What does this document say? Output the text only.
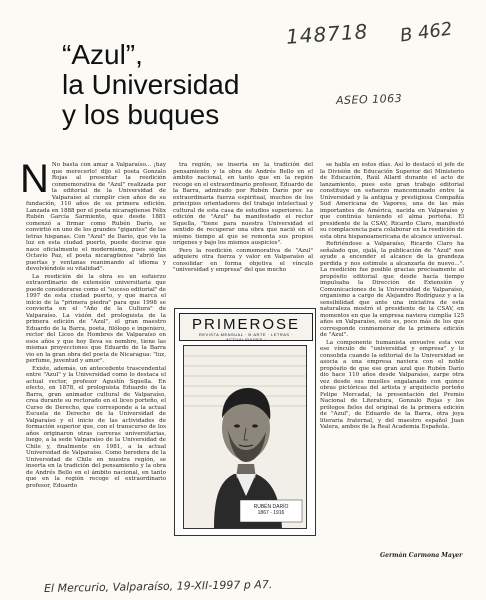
148718 B 462
ASEO 1063
“Azul”,
la Universidad
y los buques

N No basta con amar a Valparaíso... ¡hay que merecerlo! dijo el poeta Gonzalo Rojas al presentar la reedición conmemorativa de "Azul" realizada por la editorial de la Universidad de Valparaíso al cumplir cien años de su fundación, 110 años de su primera edición. Lanzada en 1888 por el poeta nicaragüense Félix Rubén García Sarmiento, que desde 1881 comenzó a firmar como Rubén Darío, se convirtió en uno de los grandes "gigantes" de las letras hispanas. Con "Azul" de Darío, que vio la luz en esta ciudad puerto, puede decirse que nace oficialmente el modernismo, pues según Octavio Paz, el poeta nicaragüense "abrió las puertas y ventanas reanimando al idioma y devolviéndole su vitalidad".

La reedición de la obra es un esfuerzo extraordinario de extensión universitaria que puede considerarse como el "suceso editorial" de 1997 de esta ciudad puerto, y que marca el inicio de la "primera piedra" para que 1998 se convierta en el "Año de la Cultura" de Valparaíso. La visión del prologuista de la primera edición de "Azul", el gran maestro Eduardo de la Barra, poeta, filólogo e ingeniero, rector del Liceo de Hombres de Valparaíso en esos años y que hoy lleva su nombre, tiene las mismas proyecciones que Eduardo de la Barra vio en la gran obra del poeta de Nicaragua: "luz, perfume, juventud y amor".

Existe, además, un antecedente trascendental entre "Azul" y la Universidad como lo destaca el actual rector, profesor Agustín Squella. En efecto, en 1878, el prologuista Eduardo de la Barra, gran animador cultural de Valparaíso, crea durante su rectorado en el liceo porteño, el Curso de Derecho, que corresponde a la actual Escuela de Derecho de la Universidad de Valparaíso y el inicio de las actividades de formación superior que, con el transcurso de los años originaron otras carreras universitarias, luego, a la sede Valparaíso de la Universidad de Chile y, finalmente en 1981, a la actual Universidad de Valparaíso. Como heredera de la Universidad de Chile en nuestra región, se inserta en la tradición del pensamiento y la obra de Andrés Bello en el ámbito nacional, en tanto que en la región recoge el extraordinario profesor, Eduardo

tra región, se inserta en la tradición del pensamiento y la obra de Andrés Bello en el ámbito nacional, en tanto que en la región recoge en el extraordinario profesor, Eduardo de la Barra, admirado por Rubén Darío por su extraordinaria fuerza espiritual, muchos de los principios orientadores del trabajo intelectual y cultural de esta casa de estudios superiores. La edición de "Azul" ha manifestado el rector Squella, "tiene para nuestra Universidad el sentido de recuperar una obra que nació en el mismo tiempo al que se remonta sus propios orígenes y bajo los mismos auspicios".

Pero la reedición conmemorativa de "Azul" adquiere otra fuerza y valor en Valparaíso al consolidar en forma objetiva el vínculo "universidad y empresa" del que mucho

PRIMEROSE
REVISTA MENSUAL · B·ARTE · LETRAS · ACTUALIDADES ·
RUBÉN DARÍO
1867 - 1916

se habla en estos días. Así lo destacó el jefe de la División de Educación Superior del Ministerio de Educación, Raúl Allard durante el acto de lanzamiento, pues este gran trabajo editorial constituye un esfuerzo mancomunado entre la Universidad y la antigua y prestigiosa Compañía Sud Americana de Vapores, una de las más importantes de América, nacida en Valparaíso y que continúa teniendo el alma porteña. El presidente de la CSAV, Ricardo Claro, manifestó su complacencia para colaborar en la reedición de esta obra hispanoamericana de alcance universal.

Refiriéndose a Valparaíso, Ricardo Claro ha señalado que, ojalá, la publicación de "Azul" nos ayude a encender el alcance de la grandeza perdida y nos estimule a alcanzarla de nuevo...". La reedición fue posible gracias precisamente al propósito editorial que desde hacía tiempo impulsaba la Dirección de Extensión y Comunicaciones de la Universidad de Valparaíso, organismo a cargo de Alejandro Rodríguez y a la sensibilidad que ante una iniciativa de esta naturaleza mostró el presidente de la CSAV, en momentos en que la empresa naviera cumplía 125 años en Valparaíso, esto es, poco más de los que corresponde conmemorar de la primera edición de "Azul".

La componente humanista envuelve esta vez ese vínculo de "universidad y empresa" y lo consolida cuando la editorial de la Universidad se asocia a una empresa naviera con el noble propósito de que ese gran azul que Rubén Darío dio hace 110 años desde Valparaíso, zarpe otra vez desde sus muelles engalanado con quince obras pictóricas del artista y arquitecto porteño Felipe Mercadal, la presentación del Premio Nacional de Literatura, Gonzalo Rojas y los prólogos fieles del original de la primera edición de "Azul", de Eduardo de la Barra, otra joya literaria fraternal, y del maestro español Juan Valera, ambos de la Real Academia Española.

Germán Carmona Mayer
El Mercurio, Valparaíso, 19-XII-1997 p A7.
